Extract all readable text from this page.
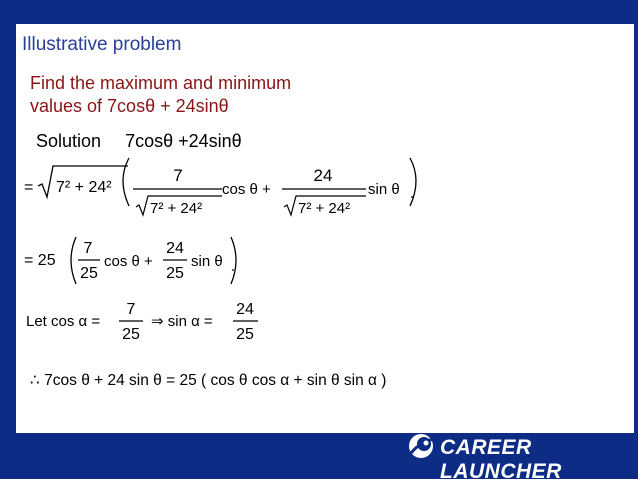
Illustrative problem
Find the maximum and minimum
values of 7cosθ + 24sinθ
Solution 7cosθ +24sinθ
= 7² + 24²
7
7² + 24²
cos θ +
24
7² + 24²
sin θ
= 25
7
25
cos θ +
24
25
sin θ
Let cos α =
7
25
⇒ sin α =
24
25
∴ 7cos θ + 24 sin θ = 25 ( cos θ cos α + sin θ sin α )
CAREER LAUNCHER
